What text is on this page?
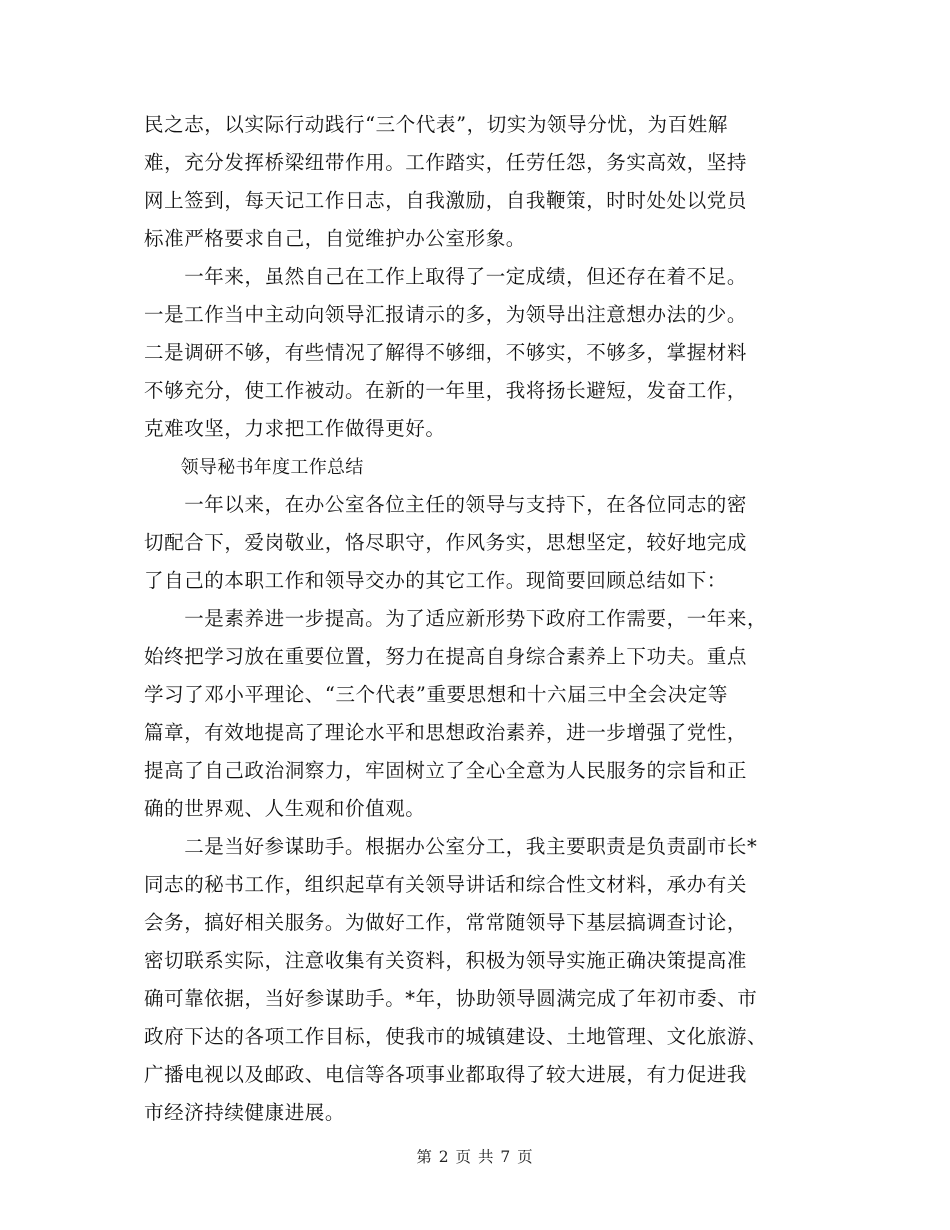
民之志，以实际行动践行“三个代表”，切实为领导分忧，为百姓解
难，充分发挥桥梁纽带作用。工作踏实，任劳任怨，务实高效，坚持
网上签到，每天记工作日志，自我激励，自我鞭策，时时处处以党员
标准严格要求自己，自觉维护办公室形象。
　　一年来，虽然自己在工作上取得了一定成绩，但还存在着不足。
一是工作当中主动向领导汇报请示的多，为领导出注意想办法的少。
二是调研不够，有些情况了解得不够细，不够实，不够多，掌握材料
不够充分，使工作被动。在新的一年里，我将扬长避短，发奋工作，
克难攻坚，力求把工作做得更好。
　　领导秘书年度工作总结
　　一年以来，在办公室各位主任的领导与支持下，在各位同志的密
切配合下，爱岗敬业，恪尽职守，作风务实，思想坚定，较好地完成
了自己的本职工作和领导交办的其它工作。现简要回顾总结如下：
　　一是素养进一步提高。为了适应新形势下政府工作需要，一年来，
始终把学习放在重要位置，努力在提高自身综合素养上下功夫。重点
学习了邓小平理论、“三个代表”重要思想和十六届三中全会决定等
篇章，有效地提高了理论水平和思想政治素养，进一步增强了党性，
提高了自己政治洞察力，牢固树立了全心全意为人民服务的宗旨和正
确的世界观、人生观和价值观。
　　二是当好参谋助手。根据办公室分工，我主要职责是负责副市长*
同志的秘书工作，组织起草有关领导讲话和综合性文材料，承办有关
会务，搞好相关服务。为做好工作，常常随领导下基层搞调查讨论，
密切联系实际，注意收集有关资料，积极为领导实施正确决策提高准
确可靠依据，当好参谋助手。*年，协助领导圆满完成了年初市委、市
政府下达的各项工作目标，使我市的城镇建设、土地管理、文化旅游、
广播电视以及邮政、电信等各项事业都取得了较大进展，有力促进我
市经济持续健康进展。
第 2 页 共 7 页
